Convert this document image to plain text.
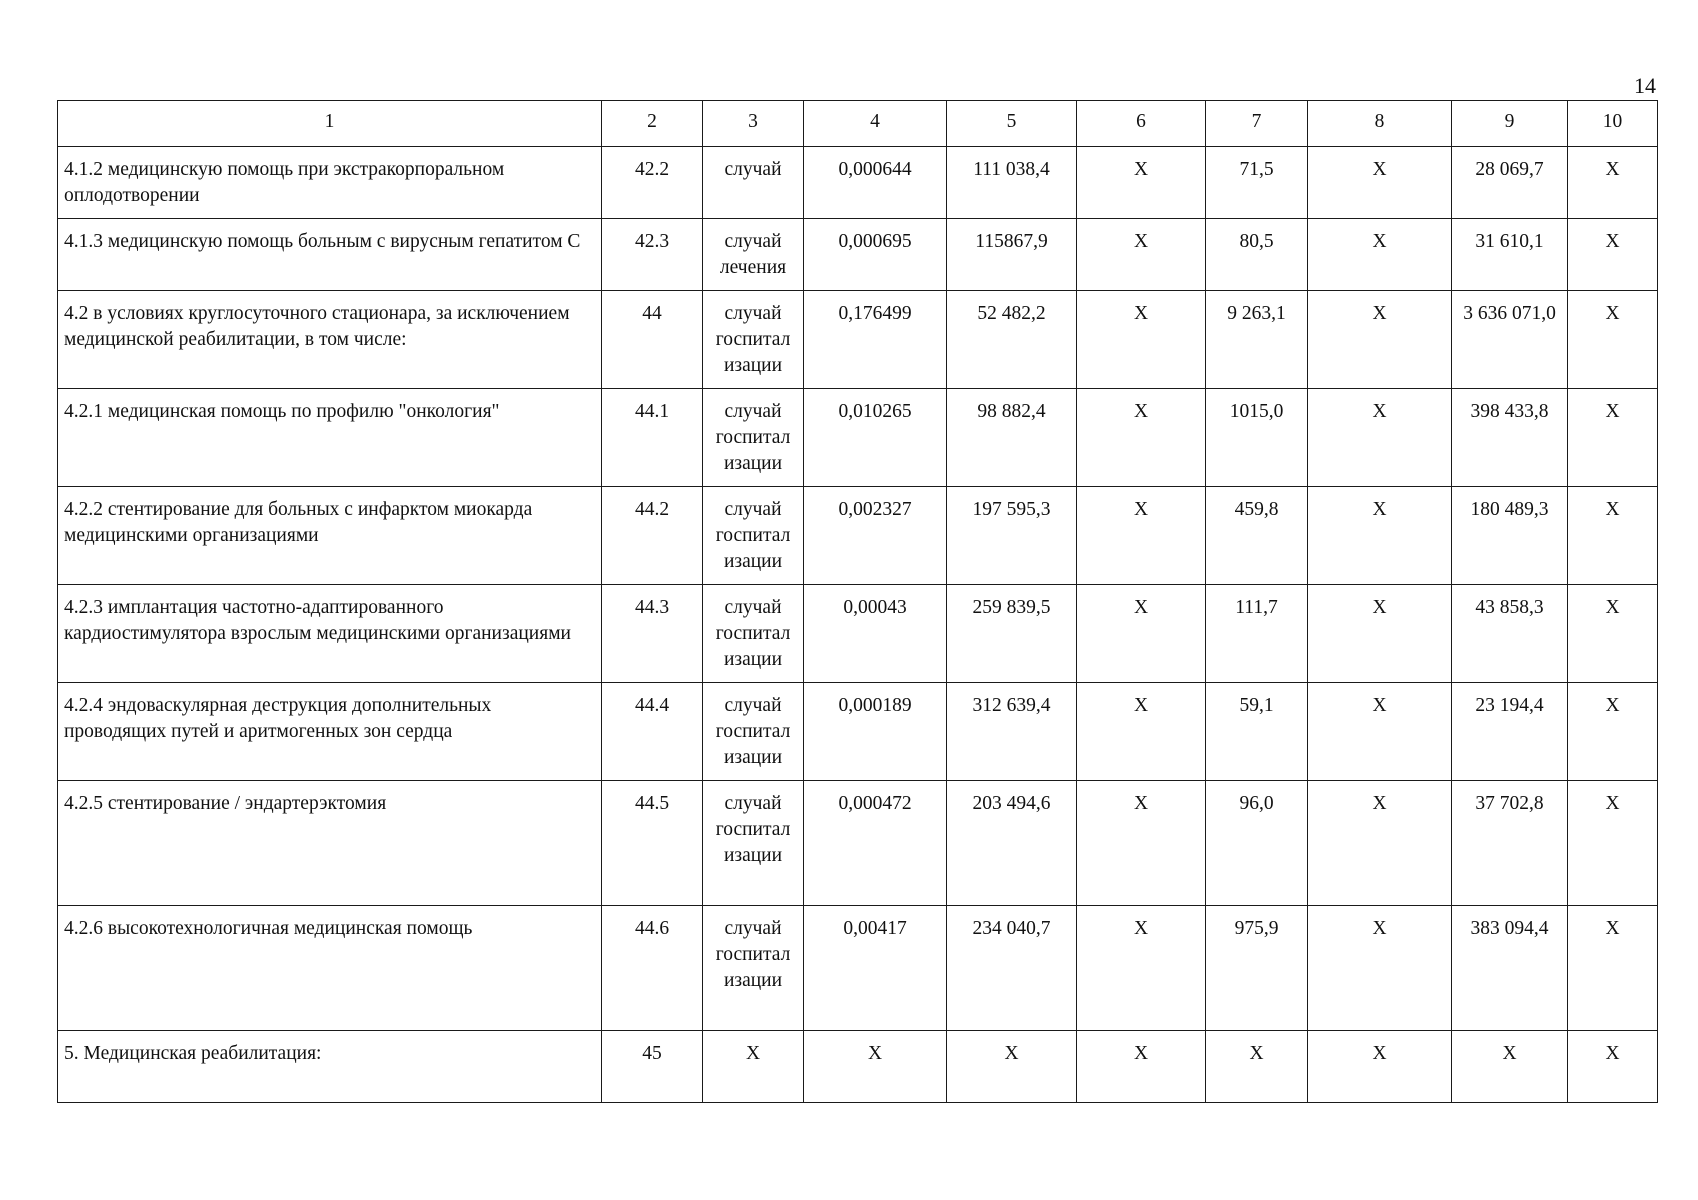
14
1	2	3	4	5	6	7	8	9	10
4.1.2 медицинскую помощь при экстракорпоральном оплодотворении	42.2	случай	0,000644	111 038,4	X	71,5	X	28 069,7	X
4.1.3 медицинскую помощь больным с вирусным гепатитом С	42.3	случай лечения	0,000695	115867,9	X	80,5	X	31 610,1	X
4.2 в условиях круглосуточного стационара, за исключением медицинской реабилитации, в том числе:	44	случай госпитал изации	0,176499	52 482,2	X	9 263,1	X	3 636 071,0	X
4.2.1 медицинская помощь по профилю "онкология"	44.1	случай госпитал изации	0,010265	98 882,4	X	1015,0	X	398 433,8	X
4.2.2 стентирование для больных с инфарктом миокарда медицинскими организациями	44.2	случай госпитал изации	0,002327	197 595,3	X	459,8	X	180 489,3	X
4.2.3 имплантация частотно-адаптированного кардиостимулятора взрослым медицинскими организациями	44.3	случай госпитал изации	0,00043	259 839,5	X	111,7	X	43 858,3	X
4.2.4 эндоваскулярная деструкция дополнительных проводящих путей и аритмогенных зон сердца	44.4	случай госпитал изации	0,000189	312 639,4	X	59,1	X	23 194,4	X
4.2.5 стентирование / эндартерэктомия	44.5	случай госпитал изации	0,000472	203 494,6	X	96,0	X	37 702,8	X
4.2.6 высокотехнологичная медицинская помощь	44.6	случай госпитал изации	0,00417	234 040,7	X	975,9	X	383 094,4	X
5. Медицинская реабилитация:	45	X	X	X	X	X	X	X	X
